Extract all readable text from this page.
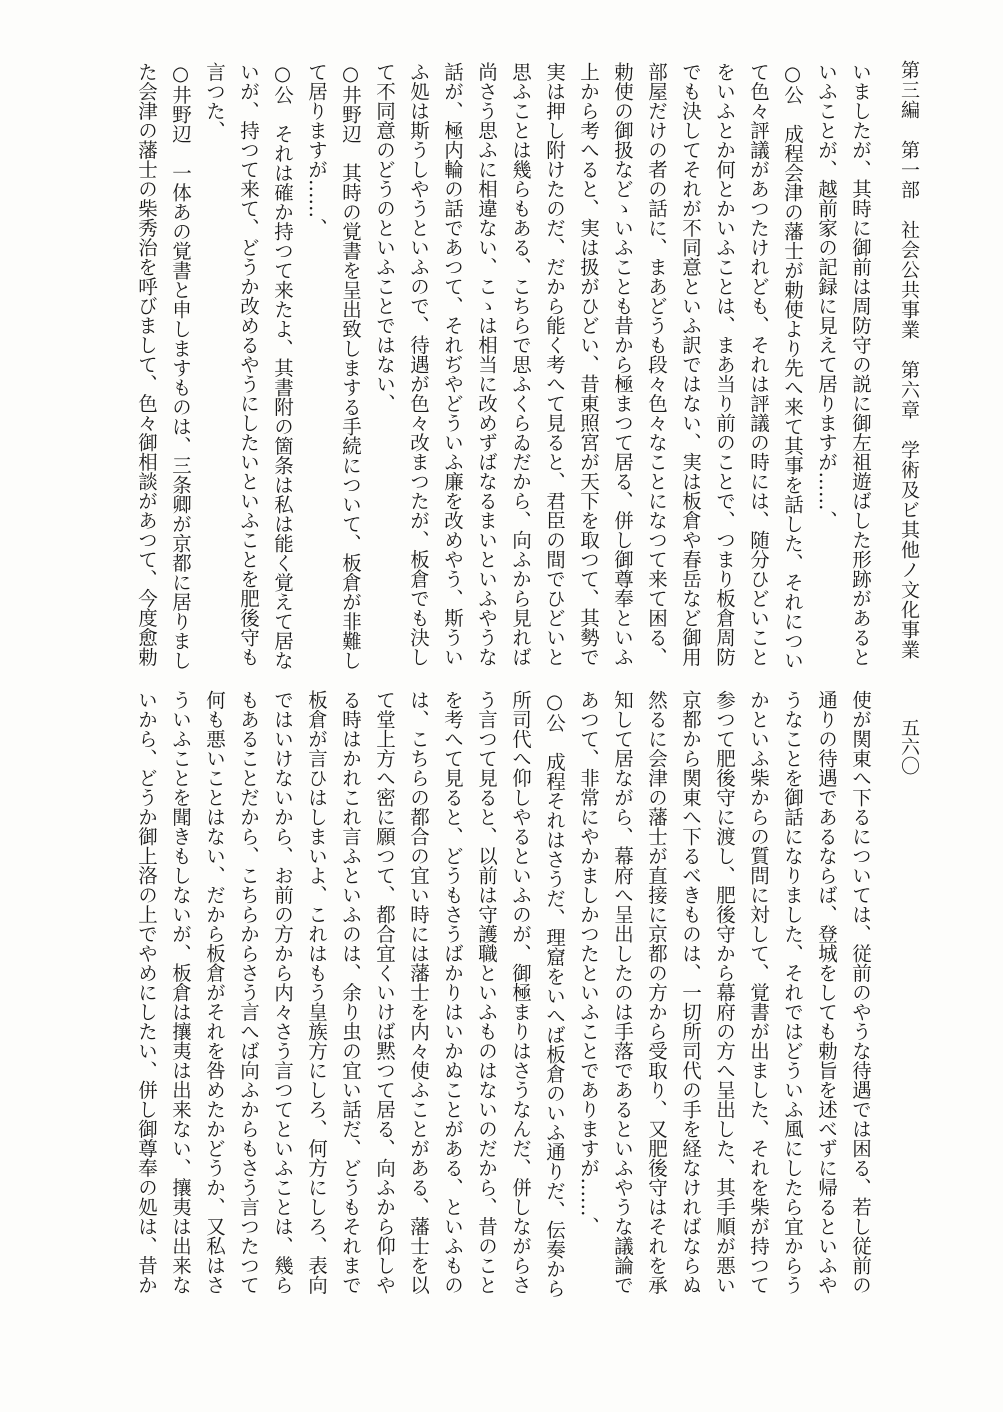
第三編　第一部　社会公共事業　第六章　学術及ビ其他ノ文化事業
五六〇
いましたが、其時に御前は周防守の説に御左祖遊ばした形跡があると
いふことが、越前家の記録に見えて居りますが……、
○公　成程会津の藩士が勅使より先へ来て其事を話した、それについ
て色々評議があつたけれども、それは評議の時には、随分ひどいこと
をいふとか何とかいふことは、まあ当り前のことで、つまり板倉周防
でも決してそれが不同意といふ訳ではない、実は板倉や春岳など御用
部屋だけの者の話に、まあどうも段々色々なことになつて来て困る、
勅使の御扱などゝいふことも昔から極まつて居る、併し御尊奉といふ
上から考へると、実は扱がひどい、昔東照宮が天下を取つて、其勢で
実は押し附けたのだ、だから能く考へて見ると、君臣の間でひどいと
思ふことは幾らもある、こちらで思ふくらゐだから、向ふから見れば
尚さう思ふに相違ない、こゝは相当に改めずばなるまいといふやうな
話が、極内輪の話であつて、それぢやどういふ廉を改めやう、斯うい
ふ処は斯うしやうといふので、待遇が色々改まつたが、板倉でも決し
て不同意のどうのといふことではない、
○井野辺　其時の覚書を呈出致しまする手続について、板倉が非難し
て居りますが……、
○公　それは確か持つて来たよ、其書附の箇条は私は能く覚えて居な
いが、持つて来て、どうか改めるやうにしたいといふことを肥後守も
言つた、
○井野辺　一体あの覚書と申しますものは、三条卿が京都に居りまし
た会津の藩士の柴秀治を呼びまして、色々御相談があつて、今度愈勅
使が関東へ下るについては、従前のやうな待遇では困る、若し従前の
通りの待遇であるならば、登城をしても勅旨を述べずに帰るといふや
うなことを御話になりました、それではどういふ風にしたら宜からう
かといふ柴からの質問に対して、覚書が出ました、それを柴が持つて
参つて肥後守に渡し、肥後守から幕府の方へ呈出した、其手順が悪い
京都から関東へ下るべきものは、一切所司代の手を経なければならぬ
然るに会津の藩士が直接に京都の方から受取り、又肥後守はそれを承
知して居ながら、幕府へ呈出したのは手落であるといふやうな議論で
あつて、非常にやかましかつたといふことでありますが……、
○公　成程それはさうだ、理窟をいへば板倉のいふ通りだ、伝奏から
所司代へ仰しやるといふのが、御極まりはさうなんだ、併しながらさ
う言つて見ると、以前は守護職といふものはないのだから、昔のこと
を考へて見ると、どうもさうばかりはいかぬことがある、といふもの
は、こちらの都合の宜い時には藩士を内々使ふことがある、藩士を以
て堂上方へ密に願つて、都合宜くいけば黙つて居る、向ふから仰しや
る時はかれこれ言ふといふのは、余り虫の宜い話だ、どうもそれまで
板倉が言ひはしまいよ、これはもう皇族方にしろ、何方にしろ、表向
ではいけないから、お前の方から内々さう言つてといふことは、幾ら
もあることだから、こちらからさう言へば向ふからもさう言つたつて
何も悪いことはない、だから板倉がそれを咎めたかどうか、又私はさ
ういふことを聞きもしないが、板倉は攘夷は出来ない、攘夷は出来な
いから、どうか御上洛の上でやめにしたい、併し御尊奉の処は、昔か
